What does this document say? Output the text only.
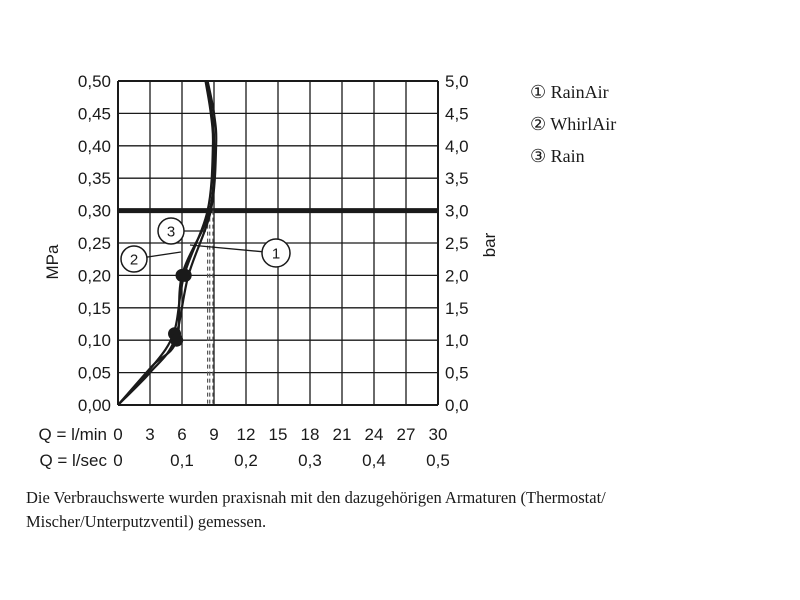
0,00
0,05
0,10
0,15
0,20
0,25
0,30
0,35
0,40
0,45
0,50
0,0
0,5
1,0
1,5
2,0
2,5
3,0
3,5
4,0
4,5
5,0
Q = l/min 0 3 6 9 12 15 18 21 24 27 30
Q = l/sec 0	0,1 0,2 0,3 0,4 0,5
3
2	1
① RainAir
② WhirlAir
③ Rain
MPa	bar
Die Verbrauchswerte wurden praxisnah mit den dazugehörigen Armaturen (Thermostat/ Mischer/Unterputzventil) gemessen.
